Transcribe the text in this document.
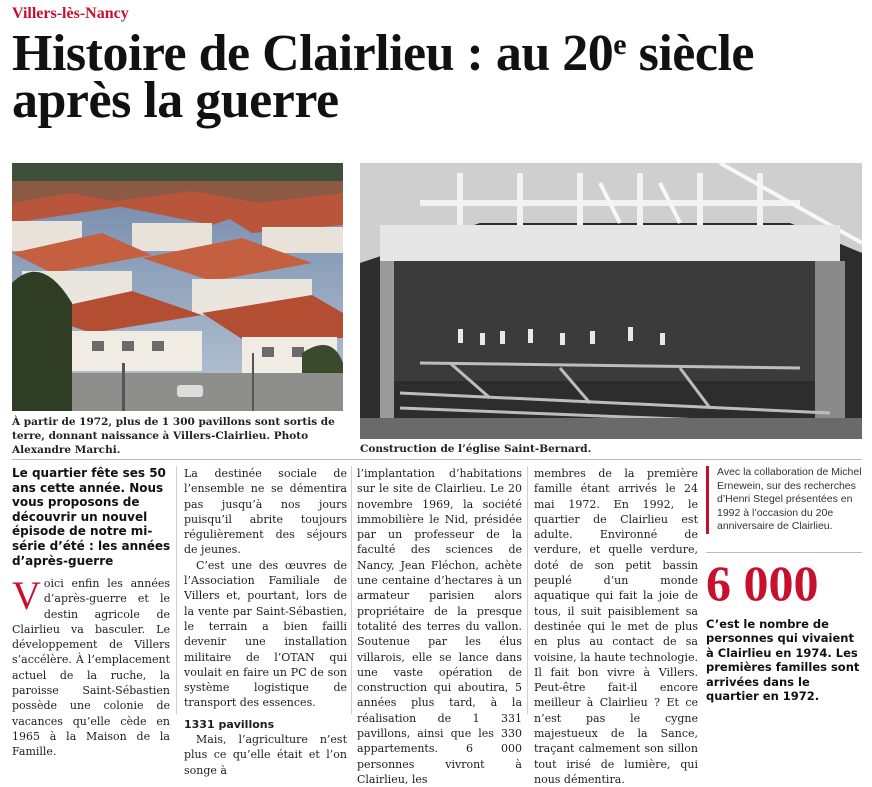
Villers-lès-Nancy
Histoire de Clairlieu : au 20e siècle
après la guerre
À partir de 1972, plus de 1 300 pavillons sont sortis de terre, donnant naissance à Villers-Clairlieu. Photo Alexandre Marchi.	Construction de l’église Saint-Bernard.
Le quartier fête ses 50 ans cette année. Nous vous proposons de découvrir un nouvel épisode de notre mi-série d’été : les années d’après-guerre
Voici enfin les années d’après-guerre et le destin agricole de Clairlieu va basculer. Le développement de Villers s’accélère. À l’emplacement actuel de la ruche, la paroisse Saint-Sébastien possède une colonie de vacances qu’elle cède en 1965 à la Maison de la Famille.

La destinée sociale de l’ensemble ne se démentira pas jusqu’à nos jours puisqu’il abrite toujours régulièrement des séjours de jeunes.

C’est une des œuvres de l’Association Familiale de Villers et, pourtant, lors de la vente par Saint-Sébastien, le terrain a bien failli devenir une installation militaire de l’OTAN qui voulait en faire un PC de son système logistique de transport des essences.

1331 pavillons

Mais, l’agriculture n’est plus ce qu’elle était et l’on songe à

l’implantation d’habitations sur le site de Clairlieu. Le 20 novembre 1969, la société immobilière le Nid, présidée par un professeur de la faculté des sciences de Nancy, Jean Fléchon, achète une centaine d’hectares à un armateur parisien alors propriétaire de la presque totalité des terres du vallon. Soutenue par les élus villarois, elle se lance dans une vaste opération de construction qui aboutira, 5 années plus tard, à la réalisation de 1 331 pavillons, ainsi que les 330 appartements. 6 000 personnes vivront à Clairlieu, les

membres de la première famille étant arrivés le 24 mai 1972. En 1992, le quartier de Clairlieu est adulte. Environné de verdure, et quelle verdure, doté de son petit bassin peuplé d’un monde aquatique qui fait la joie de tous, il suit paisiblement sa destinée qui le met de plus en plus au contact de sa voisine, la haute technologie. Il fait bon vivre à Villers. Peut-être fait-il encore meilleur à Clairlieu ? Et ce n’est pas le cygne majestueux de la Sance, traçant calmement son sillon tout irisé de lumière, qui nous démentira.

Avec la collaboration de Michel Ernewein, sur des recherches d’Henri Stegel présentées en 1992 à l’occasion du 20e anniversaire de Clairlieu.
6 000
C’est le nombre de personnes qui vivaient à Clairlieu en 1974. Les premières familles sont arrivées dans le quartier en 1972.
